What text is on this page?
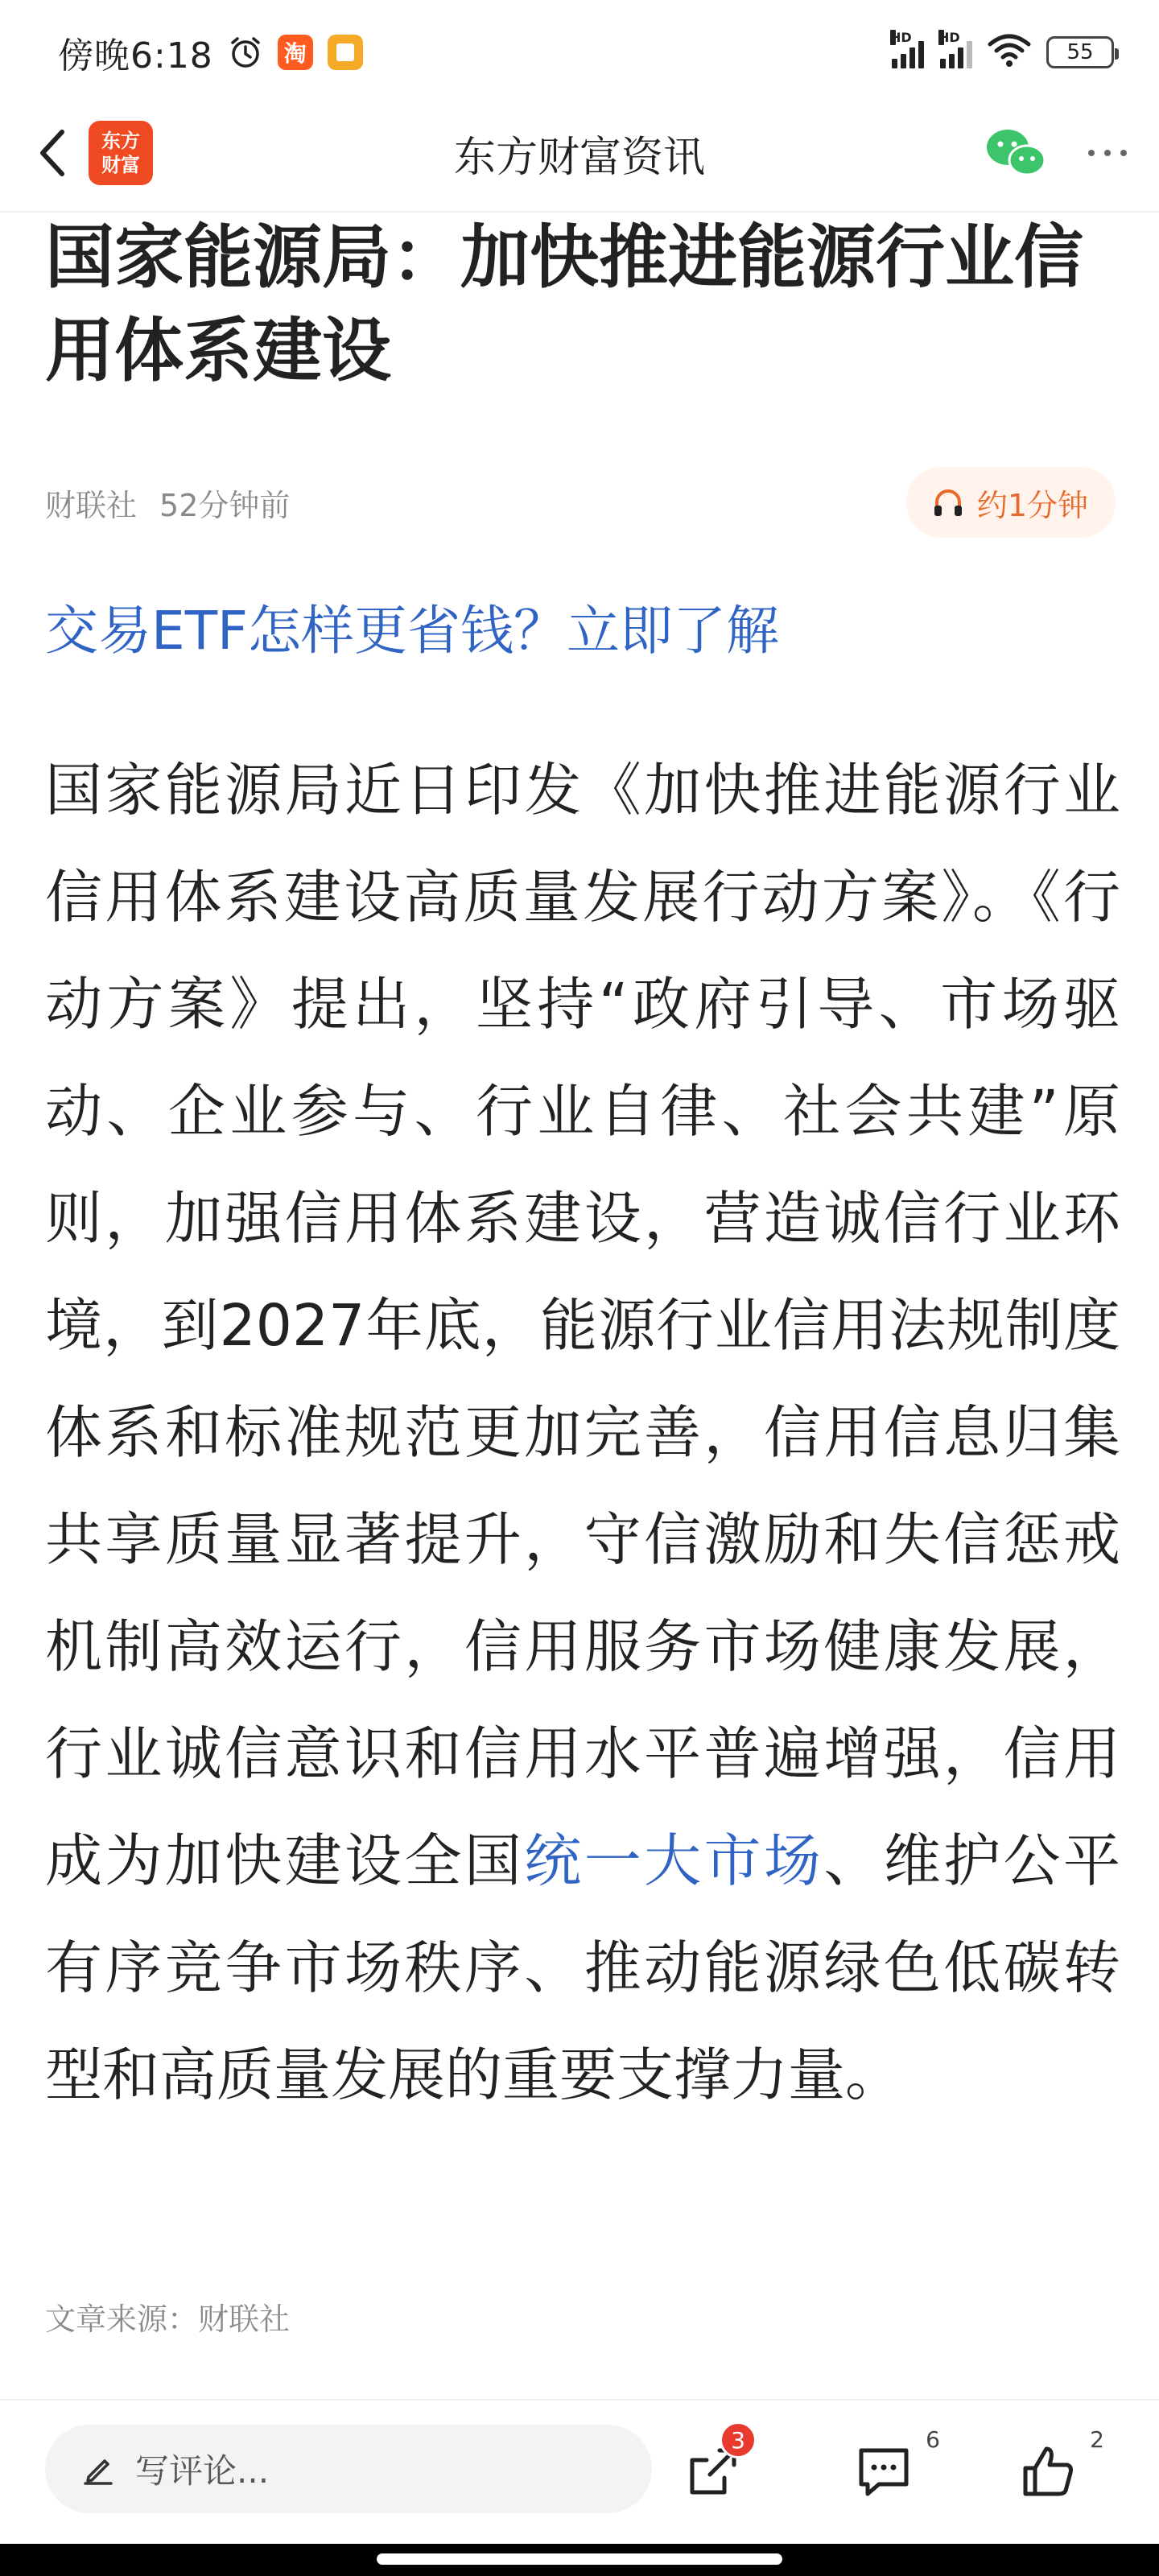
傍晚6:18	淘
HD HD
55
东方财富资讯
东方
财富
国家能源局：加快推进能源行业信用体系建设
财联社 52分钟前	约1分钟
交易ETF怎样更省钱？立即了解

国家能源局近日印发《加快推进能源行业信用体系建设高质量发展行动方案》。《行动方案》提出，坚持“政府引导、市场驱动、企业参与、行业自律、社会共建”原则，加强信用体系建设，营造诚信行业环境，到2027年底，能源行业信用法规制度体系和标准规范更加完善，信用信息归集共享质量显著提升，守信激励和失信惩戒机制高效运行，信用服务市场健康发展，行业诚信意识和信用水平普遍增强，信用成为加快建设全国统一大市场、维护公平有序竞争市场秩序、推动能源绿色低碳转型和高质量发展的重要支撑力量。

文章来源：财联社
写评论...
3	6	2
